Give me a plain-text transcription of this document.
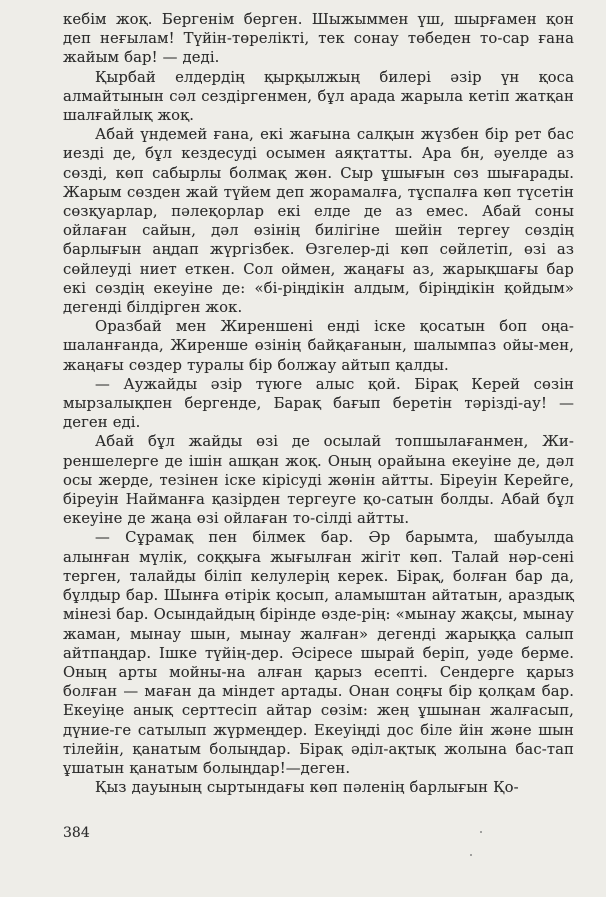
кебім жоқ. Бергенім берген. Шыжыммен үш, шырғамен қон деп неғылам! Түйін-төрелікті, тек сонау төбеден то-сар ғана жайым бар! — деді.

Қырбай елдердің қырқылжың билері әзір үн қоса алмайтынын сәл сездіргенмен, бұл арада жарыла кетіп жатқан шалғайлық жоқ.

Абай үндемей ғана, екі жағына салқын жүзбен бір рет бас иезді де, бұл кездесуді осымен аяқтатты. Ара бн, әуелде аз сөзді, көп сабырлы болмақ жөн. Сыр ұшығын сөз шығарады. Жарым сөзден жай түйем деп жорамалға, тұспалға көп түсетін сөзқуарлар, пәлеқорлар екі елде де аз емес. Абай соны ойлаған сайын, дәл өзінің билігіне шейін тергеу сөздің барлығын аңдап жүргізбек. Өзгелер-ді көп сөйлетіп, өзі аз сөйлеуді ниет еткен. Сол оймен, жаңағы аз, жарықшағы бар екі сөздің екеуіне де: «бі-ріңдікін алдым, біріңдікін қойдым» дегенді білдірген жок.

Оразбай мен Жиреншені енді іске қосатын боп оңа-шаланғанда, Жиренше өзінің байқағанын, шалымпаз ойы-мен, жаңағы сөздер туралы бір болжау айтып қалды.

— Аужайды әзір түюге алыс қой. Бірақ Керей сөзін мырзалықпен бергенде, Барақ бағып беретін тәрізді-ау! —деген еді.

Абай бұл жайды өзі де осылай топшылағанмен, Жи-реншелерге де ішін ашқан жоқ. Оның орайына екеуіне де, дәл осы жерде, тезінен іске кірісуді жөнін айтты. Біреуін Керейге, біреуін Найманға қазірден тергеуге қо-сатын болды. Абай бұл екеуіне де жаңа өзі ойлаған то-сілді айтты.

— Сұрамақ пен білмек бар. Әр барымта, шабуылда алынған мүлік, соққыға жығылған жігіт көп. Талай нәр-сені терген, талайды біліп келулерің керек. Бірақ, болған бар да, бұлдыр бар. Шынға өтірік қосып, аламыштан айтатын, араздық мінезі бар. Осындайдың бірінде өзде-рің: «мынау жақсы, мынау жаман, мынау шын, мынау жалған» дегенді жарыққа салып айтпаңдар. Ішке түйің-дер. Әсіресе шырай беріп, уәде берме. Оның арты мойны-на алған қарыз есепті. Сендерге қарыз болған — маған да міндет артады. Онан соңғы бір қолқам бар. Екеуіңе анық серттесіп айтар сөзім: жең ұшынан жалғасып, дүние-ге сатылып жүрмеңдер. Екеуіңді дос біле йін және шын тілейін, қанатым болыңдар. Бірақ әділ-ақтық жолына бас-тап ұшатын қанатым болыңдар!—деген.

Қыз дауының сыртындағы көп пәленің барлығын Қо-

384
